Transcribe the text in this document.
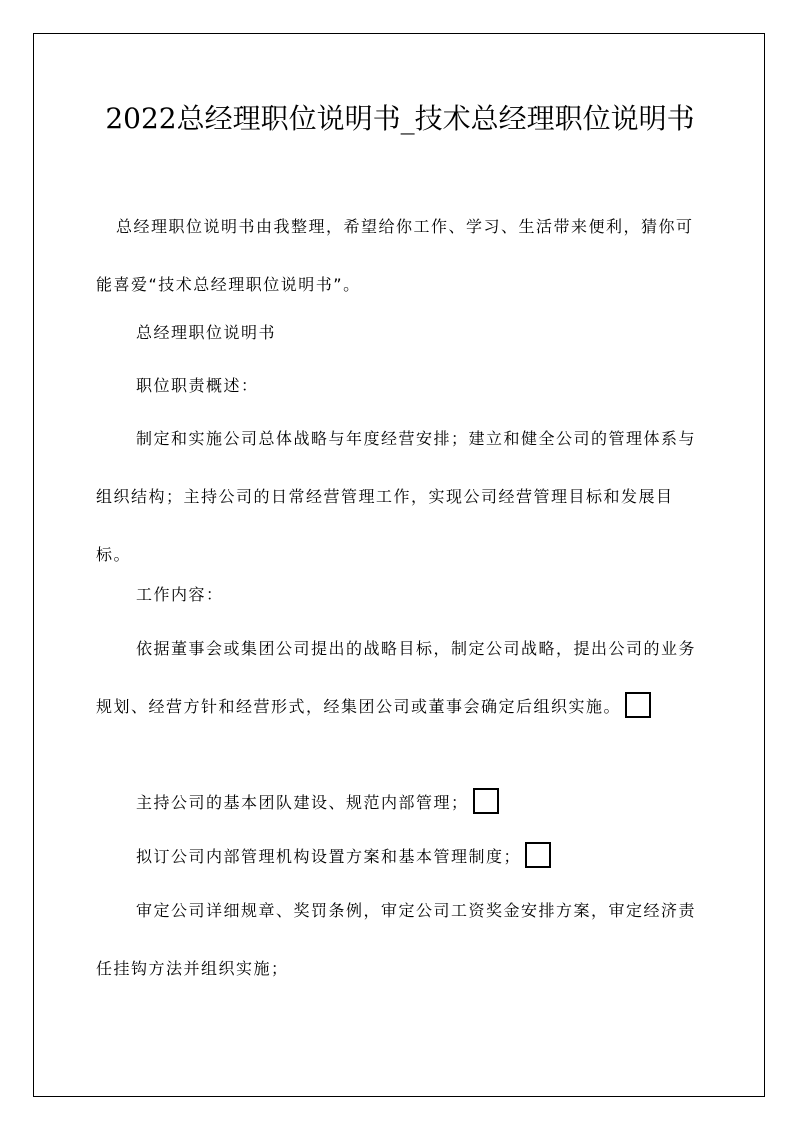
2022总经理职位说明书_技术总经理职位说明书

总经理职位说明书由我整理，希望给你工作、学习、生活带来便利，猜你可能喜爱“技术总经理职位说明书”。

总经理职位说明书

职位职责概述：

制定和实施公司总体战略与年度经营安排；建立和健全公司的管理体系与组织结构；主持公司的日常经营管理工作，实现公司经营管理目标和发展目标。

工作内容：

依据董事会或集团公司提出的战略目标，制定公司战略，提出公司的业务规划、经营方针和经营形式，经集团公司或董事会确定后组织实施。

主持公司的基本团队建设、规范内部管理；

拟订公司内部管理机构设置方案和基本管理制度；

审定公司详细规章、奖罚条例，审定公司工资奖金安排方案，审定经济责任挂钩方法并组织实施；
